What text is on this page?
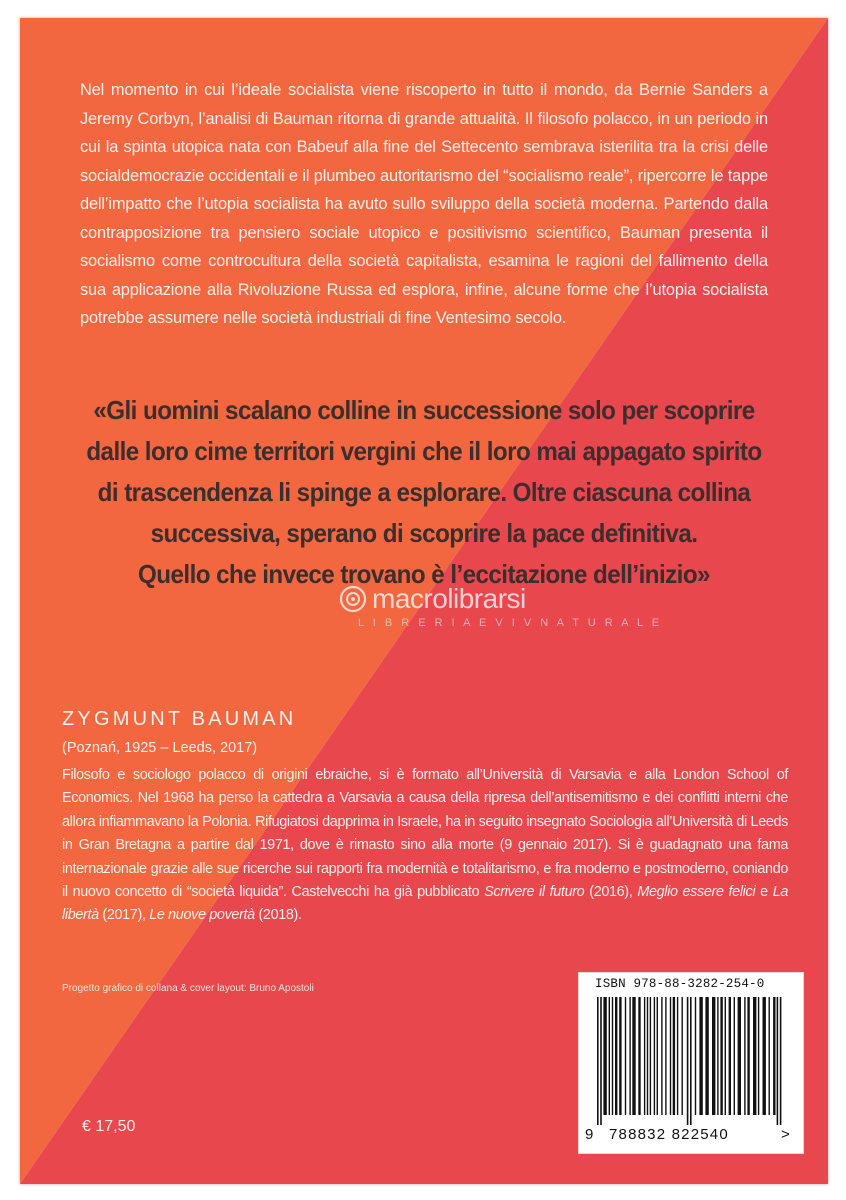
Nel momento in cui l’ideale socialista viene riscoperto in tutto il mondo, da Bernie Sanders a Jeremy Corbyn, l’analisi di Bauman ritorna di grande attualità. Il filosofo polacco, in un periodo in cui la spinta utopica nata con Babeuf alla fine del Settecento sembrava isterilita tra la crisi delle socialdemocrazie occidentali e il plumbeo autoritarismo del “socialismo reale”, ripercorre le tappe dell’impatto che l’utopia socialista ha avuto sullo sviluppo della società moderna. Partendo dalla contrapposizione tra pensiero sociale utopico e positivismo scientifico, Bauman presenta il socialismo come controcultura della società capitalista, esamina le ragioni del fallimento della sua applicazione alla Rivoluzione Russa ed esplora, infine, alcune forme che l’utopia socialista potrebbe assumere nelle società industriali di fine Ventesimo secolo.

«Gli uomini scalano colline in successione solo per scoprire
dalle loro cime territori vergini che il loro mai appagato spirito
di trascendenza li spinge a esplorare. Oltre ciascuna collina
successiva, sperano di scoprire la pace definitiva.
Quello che invece trovano è l’eccitazione dell’inizio»
macrolibrarsi
L I B R E R I A E V I V N A T U R A L E
ZYGMUNT BAUMAN
(Poznań, 1925 – Leeds, 2017)

Filosofo e sociologo polacco di origini ebraiche, si è formato all’Università di Varsavia e alla London School of Economics. Nel 1968 ha perso la cattedra a Varsavia a causa della ripresa dell’antisemitismo e dei conflitti interni che allora infiammavano la Polonia. Rifugiatosi dapprima in Israele, ha in seguito insegnato Sociologia all’Università di Leeds in Gran Bretagna a partire dal 1971, dove è rimasto sino alla morte (9 gennaio 2017). Si è guadagnato una fama internazionale grazie alle sue ricerche sui rapporti fra modernità e totalitarismo, e fra moderno e postmoderno, coniando il nuovo concetto di “società liquida”. Castelvecchi ha già pubblicato Scrivere il futuro (2016), Meglio essere felici e La libertà (2017), Le nuove povertà (2018).

Progetto grafico di collana & cover layout: Bruno Apostoli
€ 17,50
ISBN 978-88-3282-254-0
9 788832 822540	>
